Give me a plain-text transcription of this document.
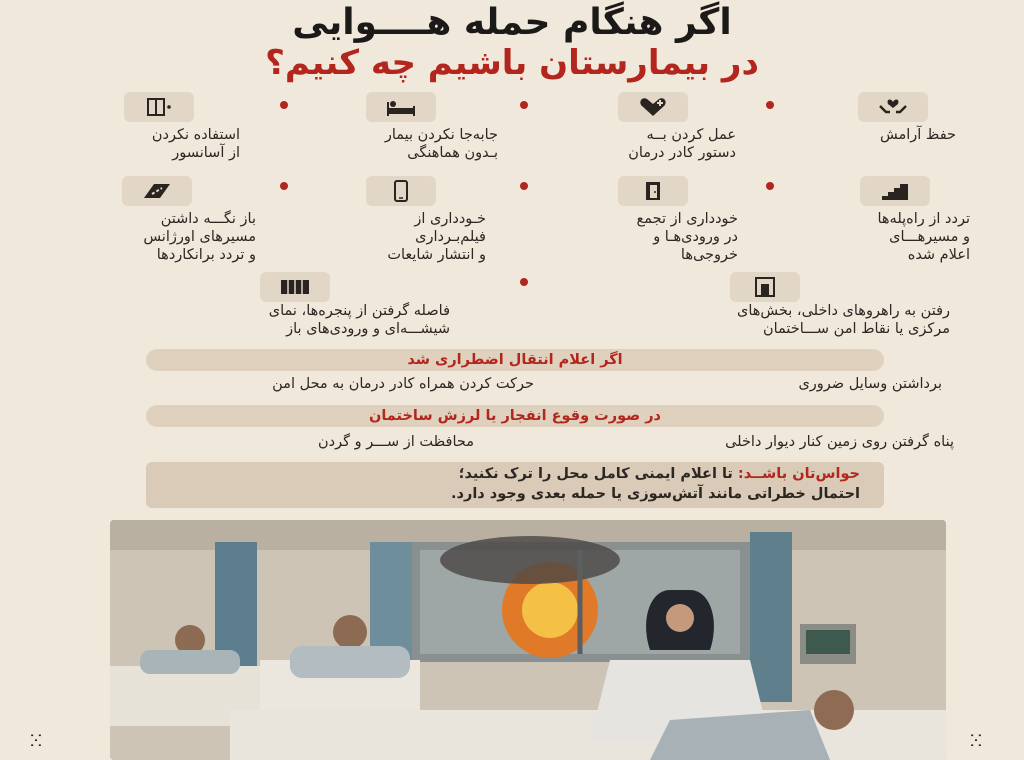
اگر هنگام حمله هــــوایی
در بیمارستان باشیم چه کنیم؟
حفظ آرامش
عمل کردن بــه
دستور کادر درمان
جابه‌جا نکردن بیمار
بـدون هماهنگی
استفاده نکردن
از آسانسور
تردد از راه‌پله‌ها
و مسیرهـــای
اعلام شده
خودداری از تجمع
در ورودی‌هـا و
خروجی‌ها
خـودداری از
فیلم‌بـرداری
و انتشار شایعات
باز نگـــه داشتن
مسیرهای اورژانس
و تردد برانکاردها
رفتن به راهروهای داخلی، بخش‌های
مرکزی یا نقاط امن ســـاختمان
فاصله گرفتن از پنجره‌ها، نمای
شیشـــه‌ای و ورودی‌های باز
اگر اعلام انتقال اضطراری شد
برداشتن وسایل ضروری
حرکت کردن همراه کادر درمان به محل امن
در صورت وقوع انفجار یا لرزش ساختمان
پناه گرفتن روی زمین کنار دیوار داخلی
محافظت از ســـر و گردن
حواس‌تان باشــد: تا اعلام ایمنی کامل محل را ترک نکنید؛
احتمال خطراتی مانند آتش‌سوزی یا حمله بعدی وجود دارد.
ⵘ	ⵘ
